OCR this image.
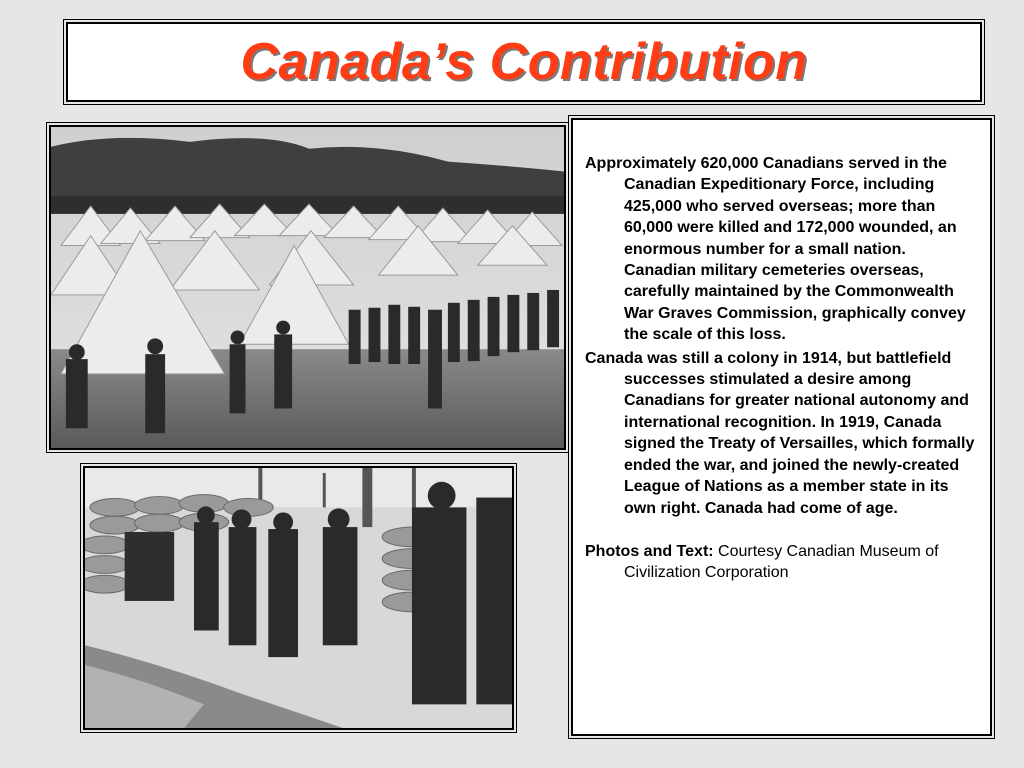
Canada’s Contribution

Approximately 620,000 Canadians served in the Canadian Expeditionary Force, including 425,000 who served overseas; more than 60,000 were killed and 172,000 wounded, an enormous number for a small nation. Canadian military cemeteries overseas, carefully maintained by the Commonwealth War Graves Commission, graphically convey the scale of this loss.

Canada was still a colony in 1914, but battlefield successes stimulated a desire among Canadians for greater national autonomy and international recognition. In 1919, Canada signed the Treaty of Versailles, which formally ended the war, and joined the newly-created League of Nations as a member state in its own right. Canada had come of age.

Photos and Text: Courtesy Canadian Museum of Civilization Corporation
